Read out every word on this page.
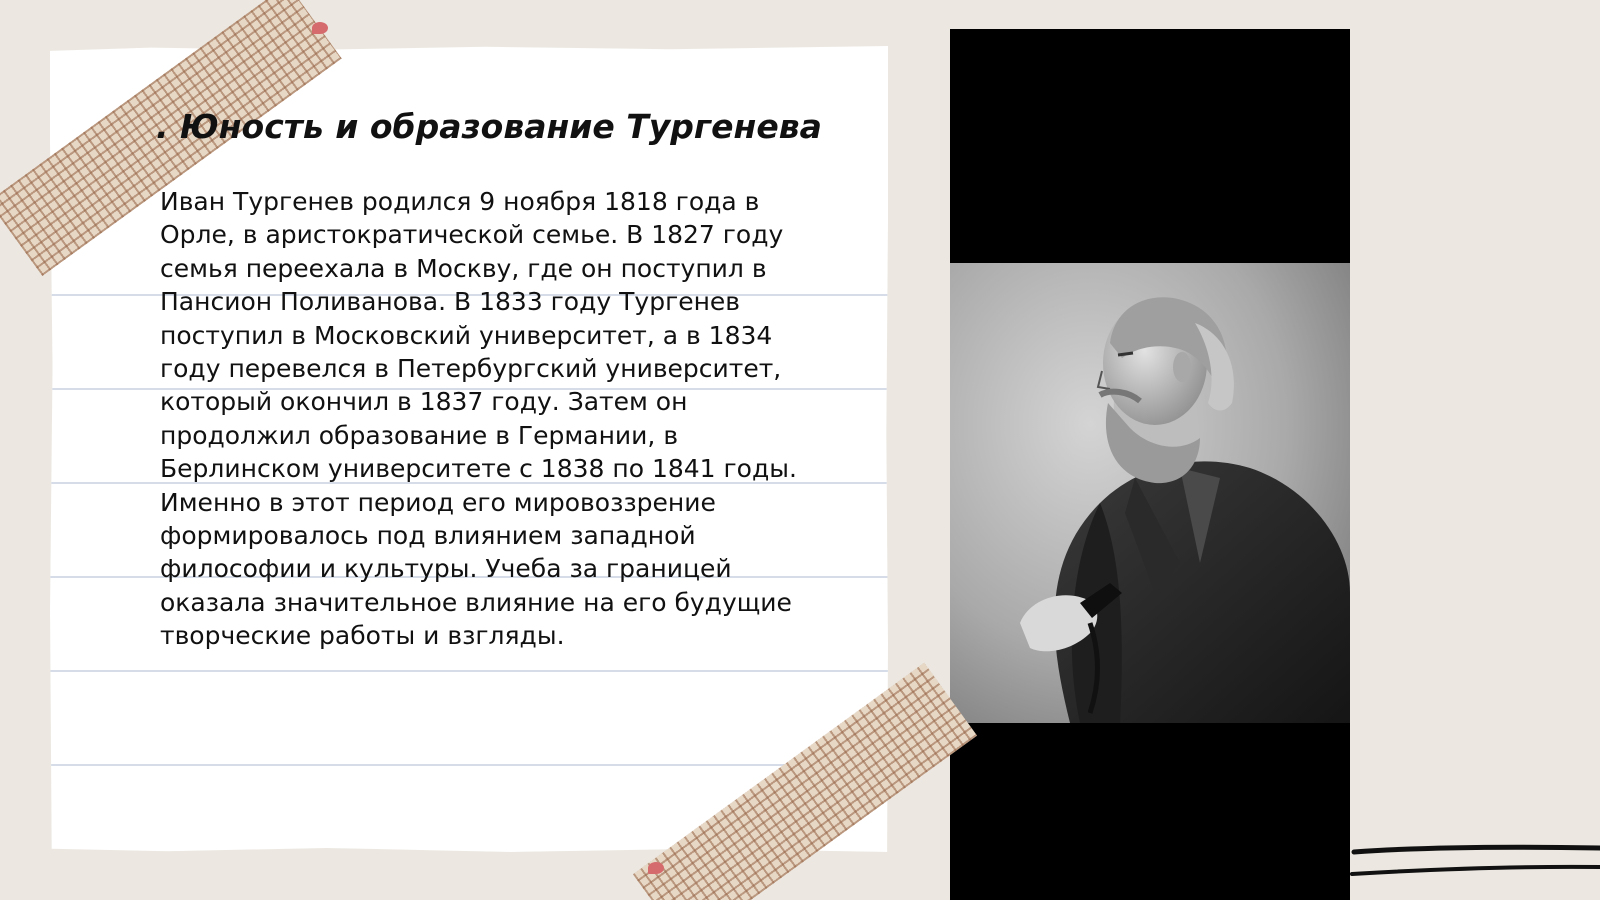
. Юность и образование Тургенева

Иван Тургенев родился 9 ноября 1818 года в Орле, в аристократической семье. В 1827 году семья переехала в Москву, где он поступил в Пансион Поливанова. В 1833 году Тургенев поступил в Московский университет, а в 1834 году перевелся в Петербургский университет, который окончил в 1837 году. Затем он продолжил образование в Германии, в Берлинском университете с 1838 по 1841 годы. Именно в этот период его мировоззрение формировалось под влиянием западной философии и культуры. Учеба за границей оказала значительное влияние на его будущие творческие работы и взгляды.
